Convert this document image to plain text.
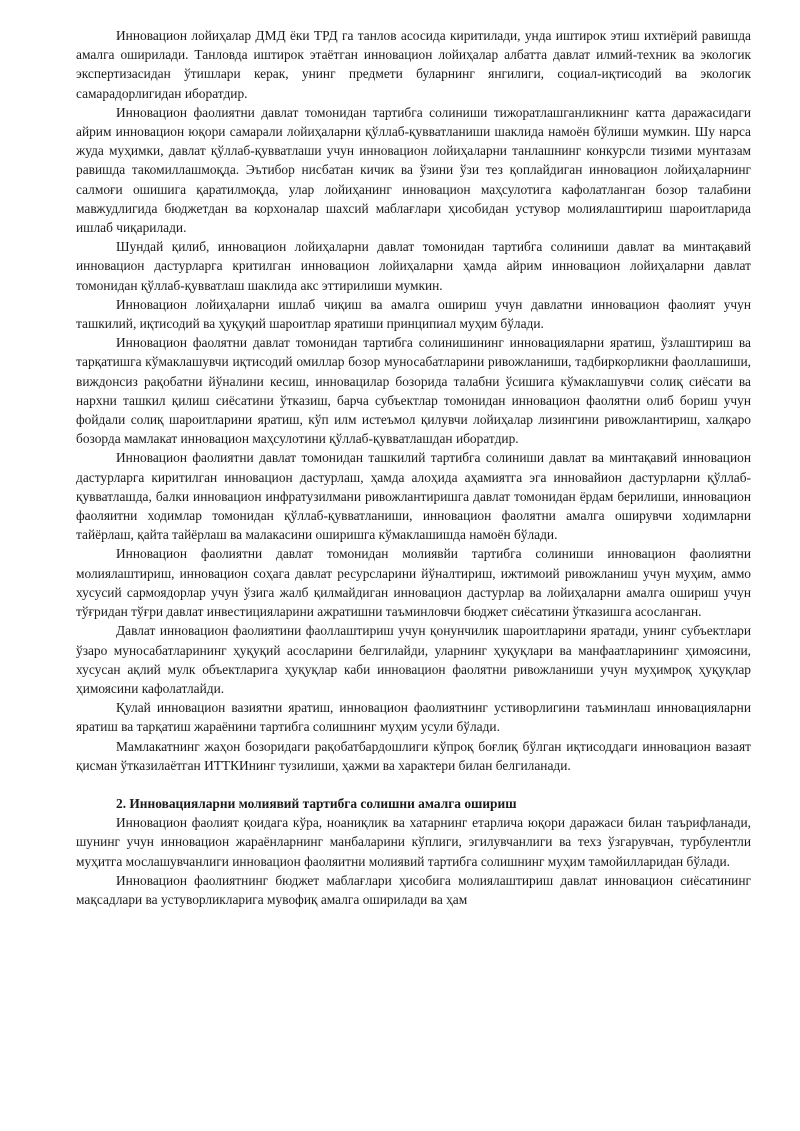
Инновацион лойиҳалар ДМД ёки ТРД га танлов асосида киритилади, унда иштирок этиш ихтиёрий равишда амалга оширилади. Танловда иштирок этаётган инновацион лойиҳалар албатта давлат илмий-техник ва экологик экспертизасидан ўтишлари керак, унинг предмети буларнинг янгилиги, социал-иқтисодий ва экологик самарадорлигидан иборатдир.

Инновацион фаолиятни давлат томонидан тартибга солиниши тижоратлашганликнинг катта даражасидаги айрим инновацион юқори самарали лойиҳаларни қўллаб-қувватланиши шаклида намоён бўлиши мумкин. Шу нарса жуда муҳимки, давлат қўллаб-қувватлаши учун инновацион лойиҳаларни танлашнинг конкурсли тизими мунтазам равишда такомиллашмоқда. Эътибор нисбатан кичик ва ўзини ўзи тез қоплайдиган инновацион лойиҳаларнинг салмоғи ошишига қаратилмоқда, улар лойиҳанинг инновацион маҳсулотига кафолатланган бозор талабини мавжудлигида бюджетдан ва корхоналар шахсий маблағлари ҳисобидан устувор молиялаштириш шароитларида ишлаб чиқарилади.

Шундай қилиб, инновацион лойиҳаларни давлат томонидан тартибга солиниши давлат ва минтақавий инновацион дастурларга критилган инновацион лойиҳаларни ҳамда айрим инновацион лойиҳаларни давлат томонидан қўллаб-қувватлаш шаклида акс эттирилиши мумкин.

Инновацион лойиҳаларни ишлаб чиқиш ва амалга ошириш учун давлатни инновацион фаолият учун ташкилий, иқтисодий ва ҳуқуқий шароитлар яратиши принципиал муҳим бўлади.

Инновацион фаолятни давлат томонидан тартибга солинишининг инновацияларни яратиш, ўзлаштириш ва тарқатишга кўмаклашувчи иқтисодий омиллар бозор муносабатларини ривожланиши, тадбиркорликни фаоллашиши, виждонсиз рақобатни йўналини кесиш, инновацилар бозорида талабни ўсишига кўмаклашувчи солиқ сиёсати ва нархни ташкил қилиш сиёсатини ўтказиш, барча субъектлар томонидан инновацион фаолятни олиб бориш учун фойдали солиқ шароитларини яратиш, кўп илм истеъмол қилувчи лойиҳалар лизингини ривожлантириш, халқаро бозорда мамлакат инновацион маҳсулотини қўллаб-қувватлашдан иборатдир.

Инновацион фаолиятни давлат томонидан ташкилий тартибга солиниши давлат ва минтақавий инновацион дастурларга киритилган инновацион дастурлаш, ҳамда алоҳида аҳамиятга эга инновайион дастурларни қўллаб-қувватлашда, балки инновацион инфратузилмани ривожлантиришга давлат томонидан ёрдам берилиши, инновацион фаоляитни ходимлар томонидан қўллаб-қувватланиши, инновацион фаолятни амалга оширувчи ходимларни тайёрлаш, қайта тайёрлаш ва малакасини оширишга кўмаклашишда намоён бўлади.

Инновацион фаолиятни давлат томонидан молиявйи тартибга солиниши инновацион фаолиятни молиялаштириш, инновацион соҳага давлат ресурсларини йўналтириш, ижтимоий ривожланиш учун муҳим, аммо хусусий сармоядорлар учун ўзига жалб қилмайдиган инновацион дастурлар ва лойиҳаларни амалга ошириш учун тўғридан тўғри давлат инвестицияларини ажратишни таъминловчи бюджет сиёсатини ўтказишга асосланган.

Давлат инновацион фаолиятини фаоллаштириш учун қонунчилик шароитларини яратади, унинг субъектлари ўзаро муносабатларининг ҳуқуқий асосларини белгилайди, уларнинг ҳуқуқлари ва манфаатларининг ҳимоясини, хусусан ақлий мулк объектларига ҳуқуқлар каби инновацион фаолятни ривожланиши учун муҳимроқ ҳуқуқлар ҳимоясини кафолатлайди.

Қулай инновацион вазиятни яратиш, инновацион фаолиятнинг устиворлигини таъминлаш инновацияларни яратиш ва тарқатиш жараёнини тартибга солишнинг муҳим усули бўлади.

Мамлакатнинг жаҳон бозоридаги рақобатбардошлиги кўпроқ боғлиқ бўлган иқтисоддаги инновацион вазаят қисман ўтказилаётган ИТТКИнинг тузилиши, ҳажми ва характери билан белгиланади.

2. Инновацияларни молиявий тартибга солишни амалга ошириш

Инновацион фаолият қоидага кўра, ноаниқлик ва хатарнинг етарлича юқори даражаси билан таърифланади, шунинг учун инновацион жараёнларнинг манбаларини кўплиги, эгилувчанлиги ва техз ўзгарувчан, турбулентли муҳитга мослашувчанлиги инновацион фаоляитни молиявий тартибга солишнинг муҳим тамойилларидан бўлади.

Инновацион фаолиятнинг бюджет маблағлари ҳисобига молиялаштириш давлат инновацион сиёсатининг мақсадлари ва устуворликларига мувофиқ амалга оширилади ва ҳам
